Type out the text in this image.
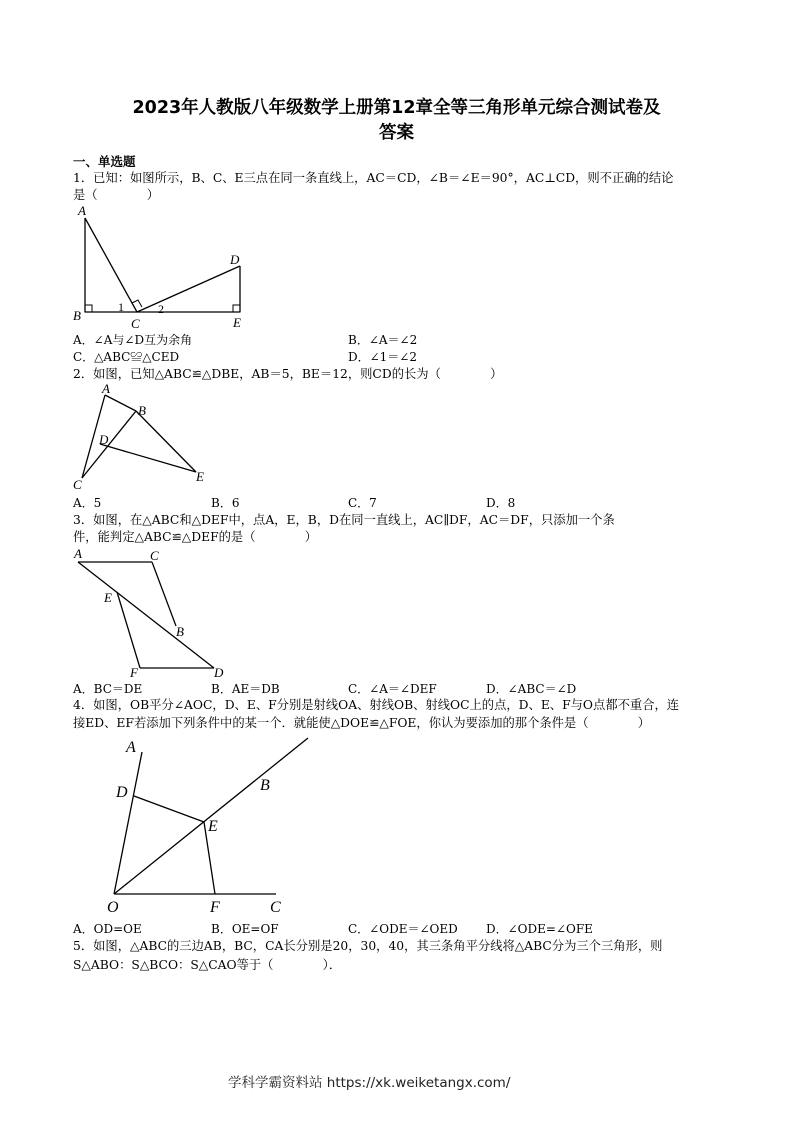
2023年人教版八年级数学上册第12章全等三角形单元综合测试卷及
答案
一、单选题
1．已知：如图所示，B、C、E三点在同一条直线上，AC＝CD，∠B＝∠E＝90°，AC⊥CD，则不正确的结论
是（　　　　）
A
B
C
D
E
1	2
A．∠A与∠D互为余角	B．∠A＝∠2
C．△ABC≌△CED	D．∠1＝∠2
2．如图，已知△ABC≌△DBE，AB＝5，BE＝12，则CD的长为（　　　　）
A
B
C
D
E
A．5	B．6	C．7	D．8
3．如图，在△ABC和△DEF中，点A，E，B，D在同一直线上，AC∥DF，AC＝DF，只添加一个条
件，能判定△ABC≌△DEF的是（　　　　）
A	C
E
B
F	D
A．BC＝DE	B．AE＝DB	C．∠A＝∠DEF	D．∠ABC＝∠D
4．如图，OB平分∠AOC，D、E、F分别是射线OA、射线OB、射线OC上的点，D、E、F与O点都不重合，连
接ED、EF若添加下列条件中的某一个．就能使△DOE≌△FOE，你认为要添加的那个条件是（　　　　）
A
D	B
E
O	F	C
A．OD=OE	B．OE=OF	C．∠ODE＝∠OED D．∠ODE=∠OFE
5．如图，△ABC的三边AB，BC，CA长分别是20，30，40，其三条角平分线将△ABC分为三个三角形，则
S△ABO：S△BCO：S△CAO等于（　　　　）．
学科学霸资料站 https://xk.weiketangx.com/
